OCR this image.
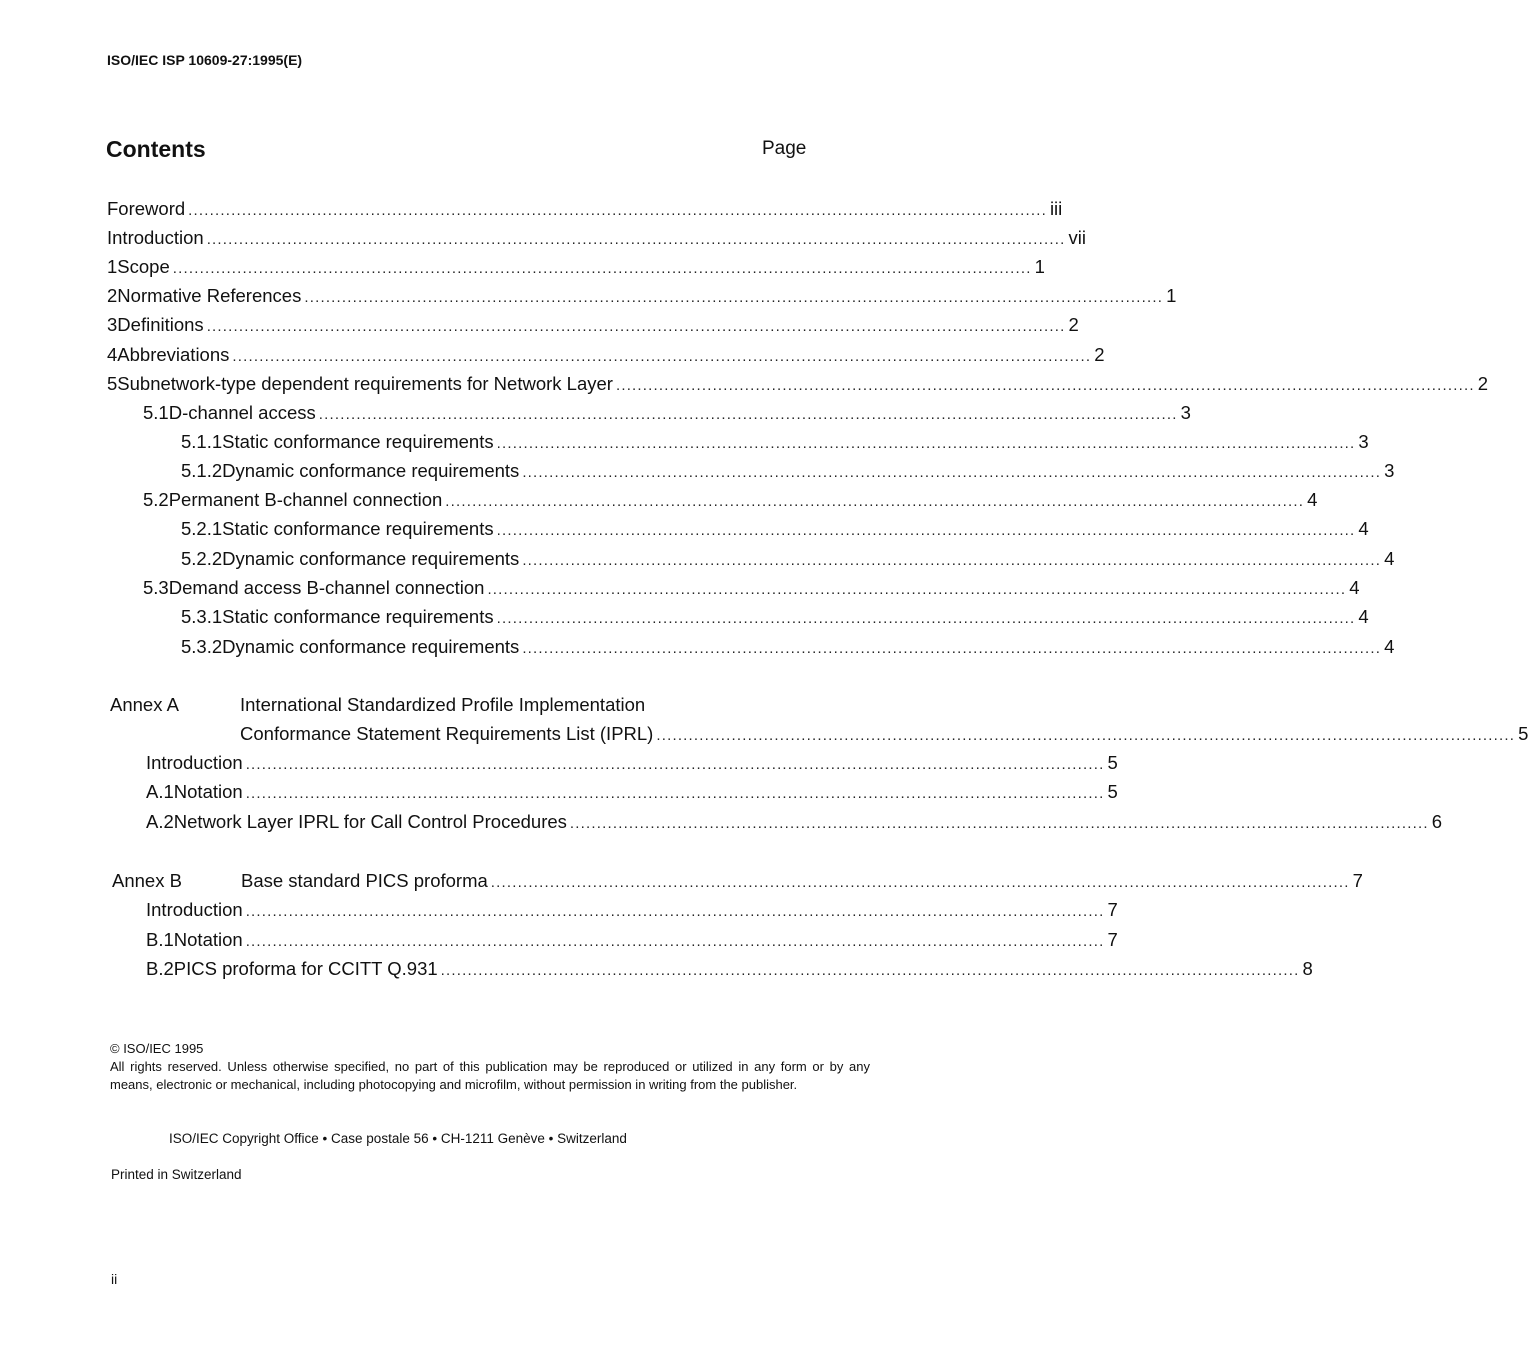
ISO/IEC ISP 10609-27:1995(E)
Contents	Page
Foreword ................................................................................................................................................................ iii
Introduction ................................................................................................................................................................ vii
1 Scope ................................................................................................................................................................ 1
2 Normative References ................................................................................................................................................................ 1
3 Definitions ................................................................................................................................................................ 2
4 Abbreviations ................................................................................................................................................................ 2
5 Subnetwork-type dependent requirements for Network Layer ................................................................................................................................................................ 2
5.1 D-channel access ................................................................................................................................................................ 3
5.1.1 Static conformance requirements ................................................................................................................................................................ 3
5.1.2 Dynamic conformance requirements ................................................................................................................................................................ 3
5.2 Permanent B-channel connection ................................................................................................................................................................ 4
5.2.1 Static conformance requirements ................................................................................................................................................................ 4
5.2.2 Dynamic conformance requirements ................................................................................................................................................................ 4
5.3 Demand access B-channel connection ................................................................................................................................................................ 4
5.3.1 Static conformance requirements ................................................................................................................................................................ 4
5.3.2 Dynamic conformance requirements ................................................................................................................................................................ 4
Annex A	International Standardized Profile Implementation
Conformance Statement Requirements List (IPRL) ................................................................................................................................................................ 5
Introduction ................................................................................................................................................................ 5
A.1 Notation ................................................................................................................................................................ 5
A.2 Network Layer IPRL for Call Control Procedures ................................................................................................................................................................ 6
Annex B	Base standard PICS proforma ................................................................................................................................................................ 7
Introduction ................................................................................................................................................................ 7
B.1 Notation ................................................................................................................................................................ 7
B.2 PICS proforma for CCITT Q.931 ................................................................................................................................................................ 8
© ISO/IEC 1995
All rights reserved. Unless otherwise specified, no part of this publication may be reproduced or utilized in any form or by any means, electronic or mechanical, including photocopying and microfilm, without permission in writing from the publisher.
ISO/IEC Copyright Office • Case postale 56 • CH-1211 Genève • Switzerland
Printed in Switzerland
ii
